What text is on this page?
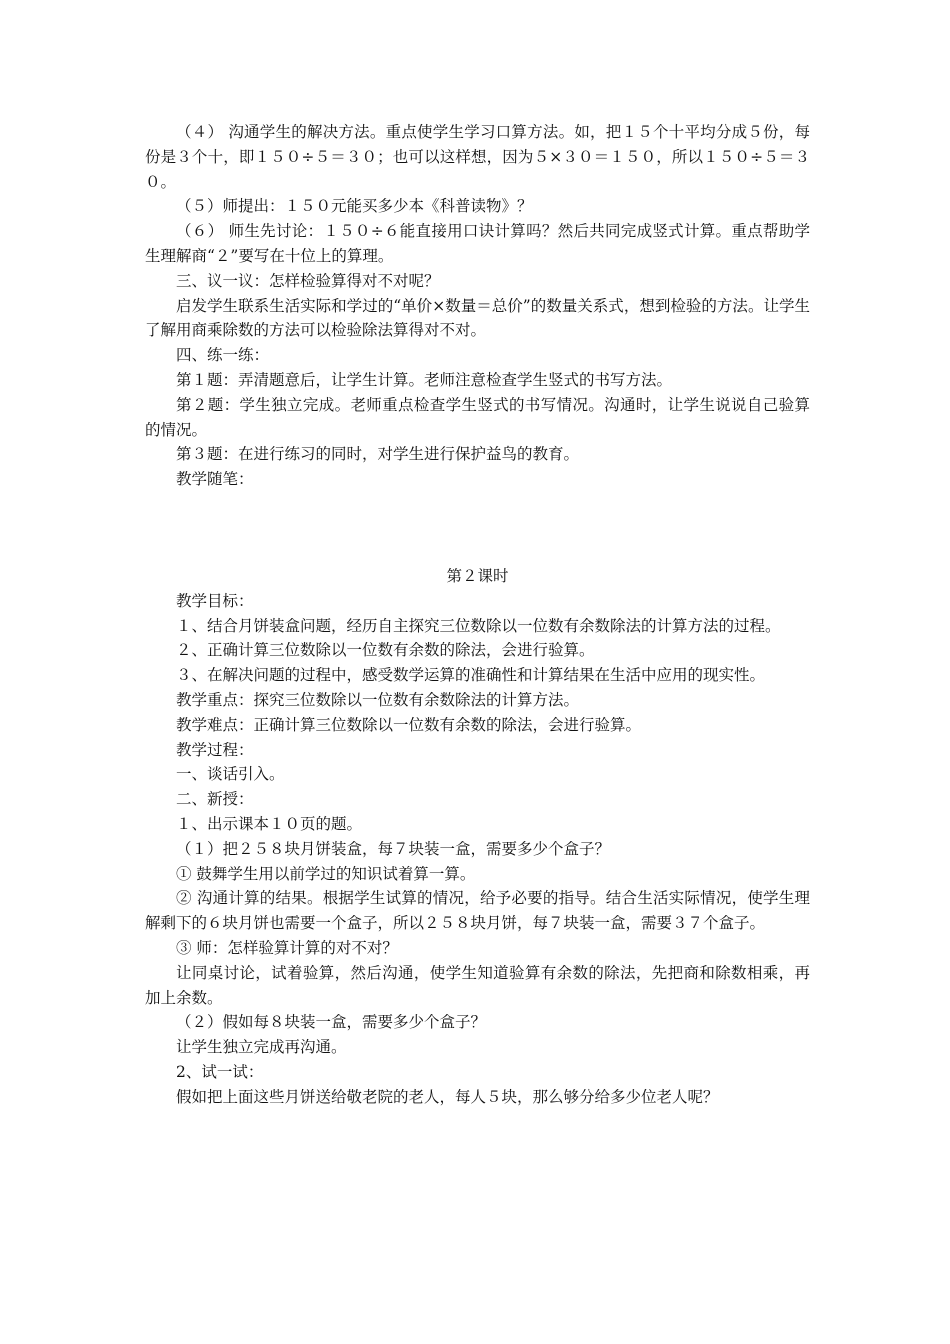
（４） 沟通学生的解决方法。重点使学生学习口算方法。如，把１５个十平均分成５份，每份是３个十，即１５０÷５＝３０；也可以这样想，因为５×３０＝１５０，所以１５０÷５＝３０。

（５）师提出：１５０元能买多少本《科普读物》？

（６） 师生先讨论：１５０÷６能直接用口诀计算吗？然后共同完成竖式计算。重点帮助学生理解商“２”要写在十位上的算理。

三、议一议：怎样检验算得对不对呢？

启发学生联系生活实际和学过的“单价×数量＝总价”的数量关系式，想到检验的方法。让学生了解用商乘除数的方法可以检验除法算得对不对。

四、练一练：

第１题：弄清题意后，让学生计算。老师注意检查学生竖式的书写方法。

第２题：学生独立完成。老师重点检查学生竖式的书写情况。沟通时，让学生说说自己验算的情况。

第３题：在进行练习的同时，对学生进行保护益鸟的教育。

教学随笔：

第２课时

教学目标：

１、结合月饼装盒问题，经历自主探究三位数除以一位数有余数除法的计算方法的过程。

２、正确计算三位数除以一位数有余数的除法，会进行验算。

３、在解决问题的过程中，感受数学运算的准确性和计算结果在生活中应用的现实性。

教学重点：探究三位数除以一位数有余数除法的计算方法。

教学难点：正确计算三位数除以一位数有余数的除法，会进行验算。

教学过程：

一、谈话引入。

二、新授：

１、出示课本１０页的题。

（１）把２５８块月饼装盒，每７块装一盒，需要多少个盒子？

① 鼓舞学生用以前学过的知识试着算一算。

② 沟通计算的结果。根据学生试算的情况，给予必要的指导。结合生活实际情况，使学生理解剩下的６块月饼也需要一个盒子，所以２５８块月饼，每７块装一盒，需要３７个盒子。

③ 师：怎样验算计算的对不对？

让同桌讨论，试着验算，然后沟通，使学生知道验算有余数的除法，先把商和除数相乘，再加上余数。

（２）假如每８块装一盒，需要多少个盒子？

让学生独立完成再沟通。

2、试一试：

假如把上面这些月饼送给敬老院的老人，每人５块，那么够分给多少位老人呢？
